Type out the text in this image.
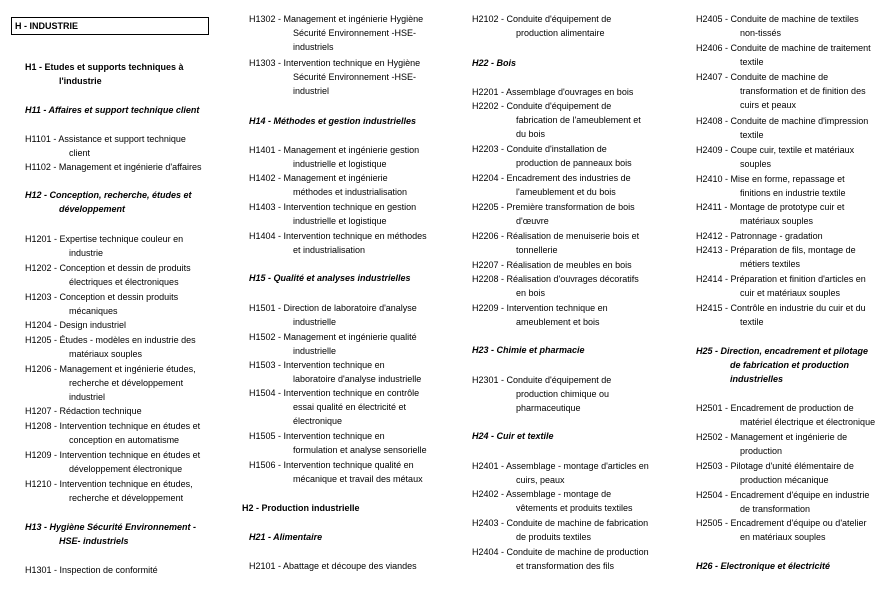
H - INDUSTRIE
H1 - Etudes et supports techniques à
l'industrie
H11 - Affaires et support technique client
H1101 - Assistance et support technique
client
H1102 - Management et ingénierie d'affaires
H12 - Conception, recherche, études et
développement
H1201 - Expertise technique couleur en
industrie
H1202 - Conception et dessin de produits
électriques et électroniques
H1203 - Conception et dessin produits
mécaniques
H1204 - Design industriel
H1205 - Études - modèles en industrie des
matériaux souples
H1206 - Management et ingénierie études,
recherche et développement
industriel
H1207 - Rédaction technique
H1208 - Intervention technique en études et
conception en automatisme
H1209 - Intervention technique en études et
développement électronique
H1210 - Intervention technique en études,
recherche et développement
H13 - Hygiène Sécurité Environnement -
HSE- industriels
H1301 - Inspection de conformité
H1302 - Management et ingénierie Hygiène
Sécurité Environnement -HSE-
industriels
H1303 - Intervention technique en Hygiène
Sécurité Environnement -HSE-
industriel
H14 - Méthodes et gestion industrielles
H1401 - Management et ingénierie gestion
industrielle et logistique
H1402 - Management et ingénierie
méthodes et industrialisation
H1403 - Intervention technique en gestion
industrielle et logistique
H1404 - Intervention technique en méthodes
et industrialisation
H15 - Qualité et analyses industrielles
H1501 - Direction de laboratoire d'analyse
industrielle
H1502 - Management et ingénierie qualité
industrielle
H1503 - Intervention technique en
laboratoire d'analyse industrielle
H1504 - Intervention technique en contrôle
essai qualité en électricité et
électronique
H1505 - Intervention technique en
formulation et analyse sensorielle
H1506 - Intervention technique qualité en
mécanique et travail des métaux
H2 - Production industrielle
H21 - Alimentaire
H2101 - Abattage et découpe des viandes
H2102 - Conduite d'équipement de
production alimentaire
H22 - Bois
H2201 - Assemblage d'ouvrages en bois
H2202 - Conduite d'équipement de
fabrication de l'ameublement et
du bois
H2203 - Conduite d'installation de
production de panneaux bois
H2204 - Encadrement des industries de
l'ameublement et du bois
H2205 - Première transformation de bois
d'œuvre
H2206 - Réalisation de menuiserie bois et
tonnellerie
H2207 - Réalisation de meubles en bois
H2208 - Réalisation d'ouvrages décoratifs
en bois
H2209 - Intervention technique en
ameublement et bois
H23 - Chimie et pharmacie
H2301 - Conduite d'équipement de
production chimique ou
pharmaceutique
H24 - Cuir et textile
H2401 - Assemblage - montage d'articles en
cuirs, peaux
H2402 - Assemblage - montage de
vêtements et produits textiles
H2403 - Conduite de machine de fabrication
de produits textiles
H2404 - Conduite de machine de production
et transformation des fils
H2405 - Conduite de machine de textiles
non-tissés
H2406 - Conduite de machine de traitement
textile
H2407 - Conduite de machine de
transformation et de finition des
cuirs et peaux
H2408 - Conduite de machine d'impression
textile
H2409 - Coupe cuir, textile et matériaux
souples
H2410 - Mise en forme, repassage et
finitions en industrie textile
H2411 - Montage de prototype cuir et
matériaux souples
H2412 - Patronnage - gradation
H2413 - Préparation de fils, montage de
métiers textiles
H2414 - Préparation et finition d'articles en
cuir et matériaux souples
H2415 - Contrôle en industrie du cuir et du
textile
H25 - Direction, encadrement et pilotage
de fabrication et production
industrielles
H2501 - Encadrement de production de
matériel électrique et électronique
H2502 - Management et ingénierie de
production
H2503 - Pilotage d'unité élémentaire de
production mécanique
H2504 - Encadrement d'équipe en industrie
de transformation
H2505 - Encadrement d'équipe ou d'atelier
en matériaux souples
H26 - Electronique et électricité
